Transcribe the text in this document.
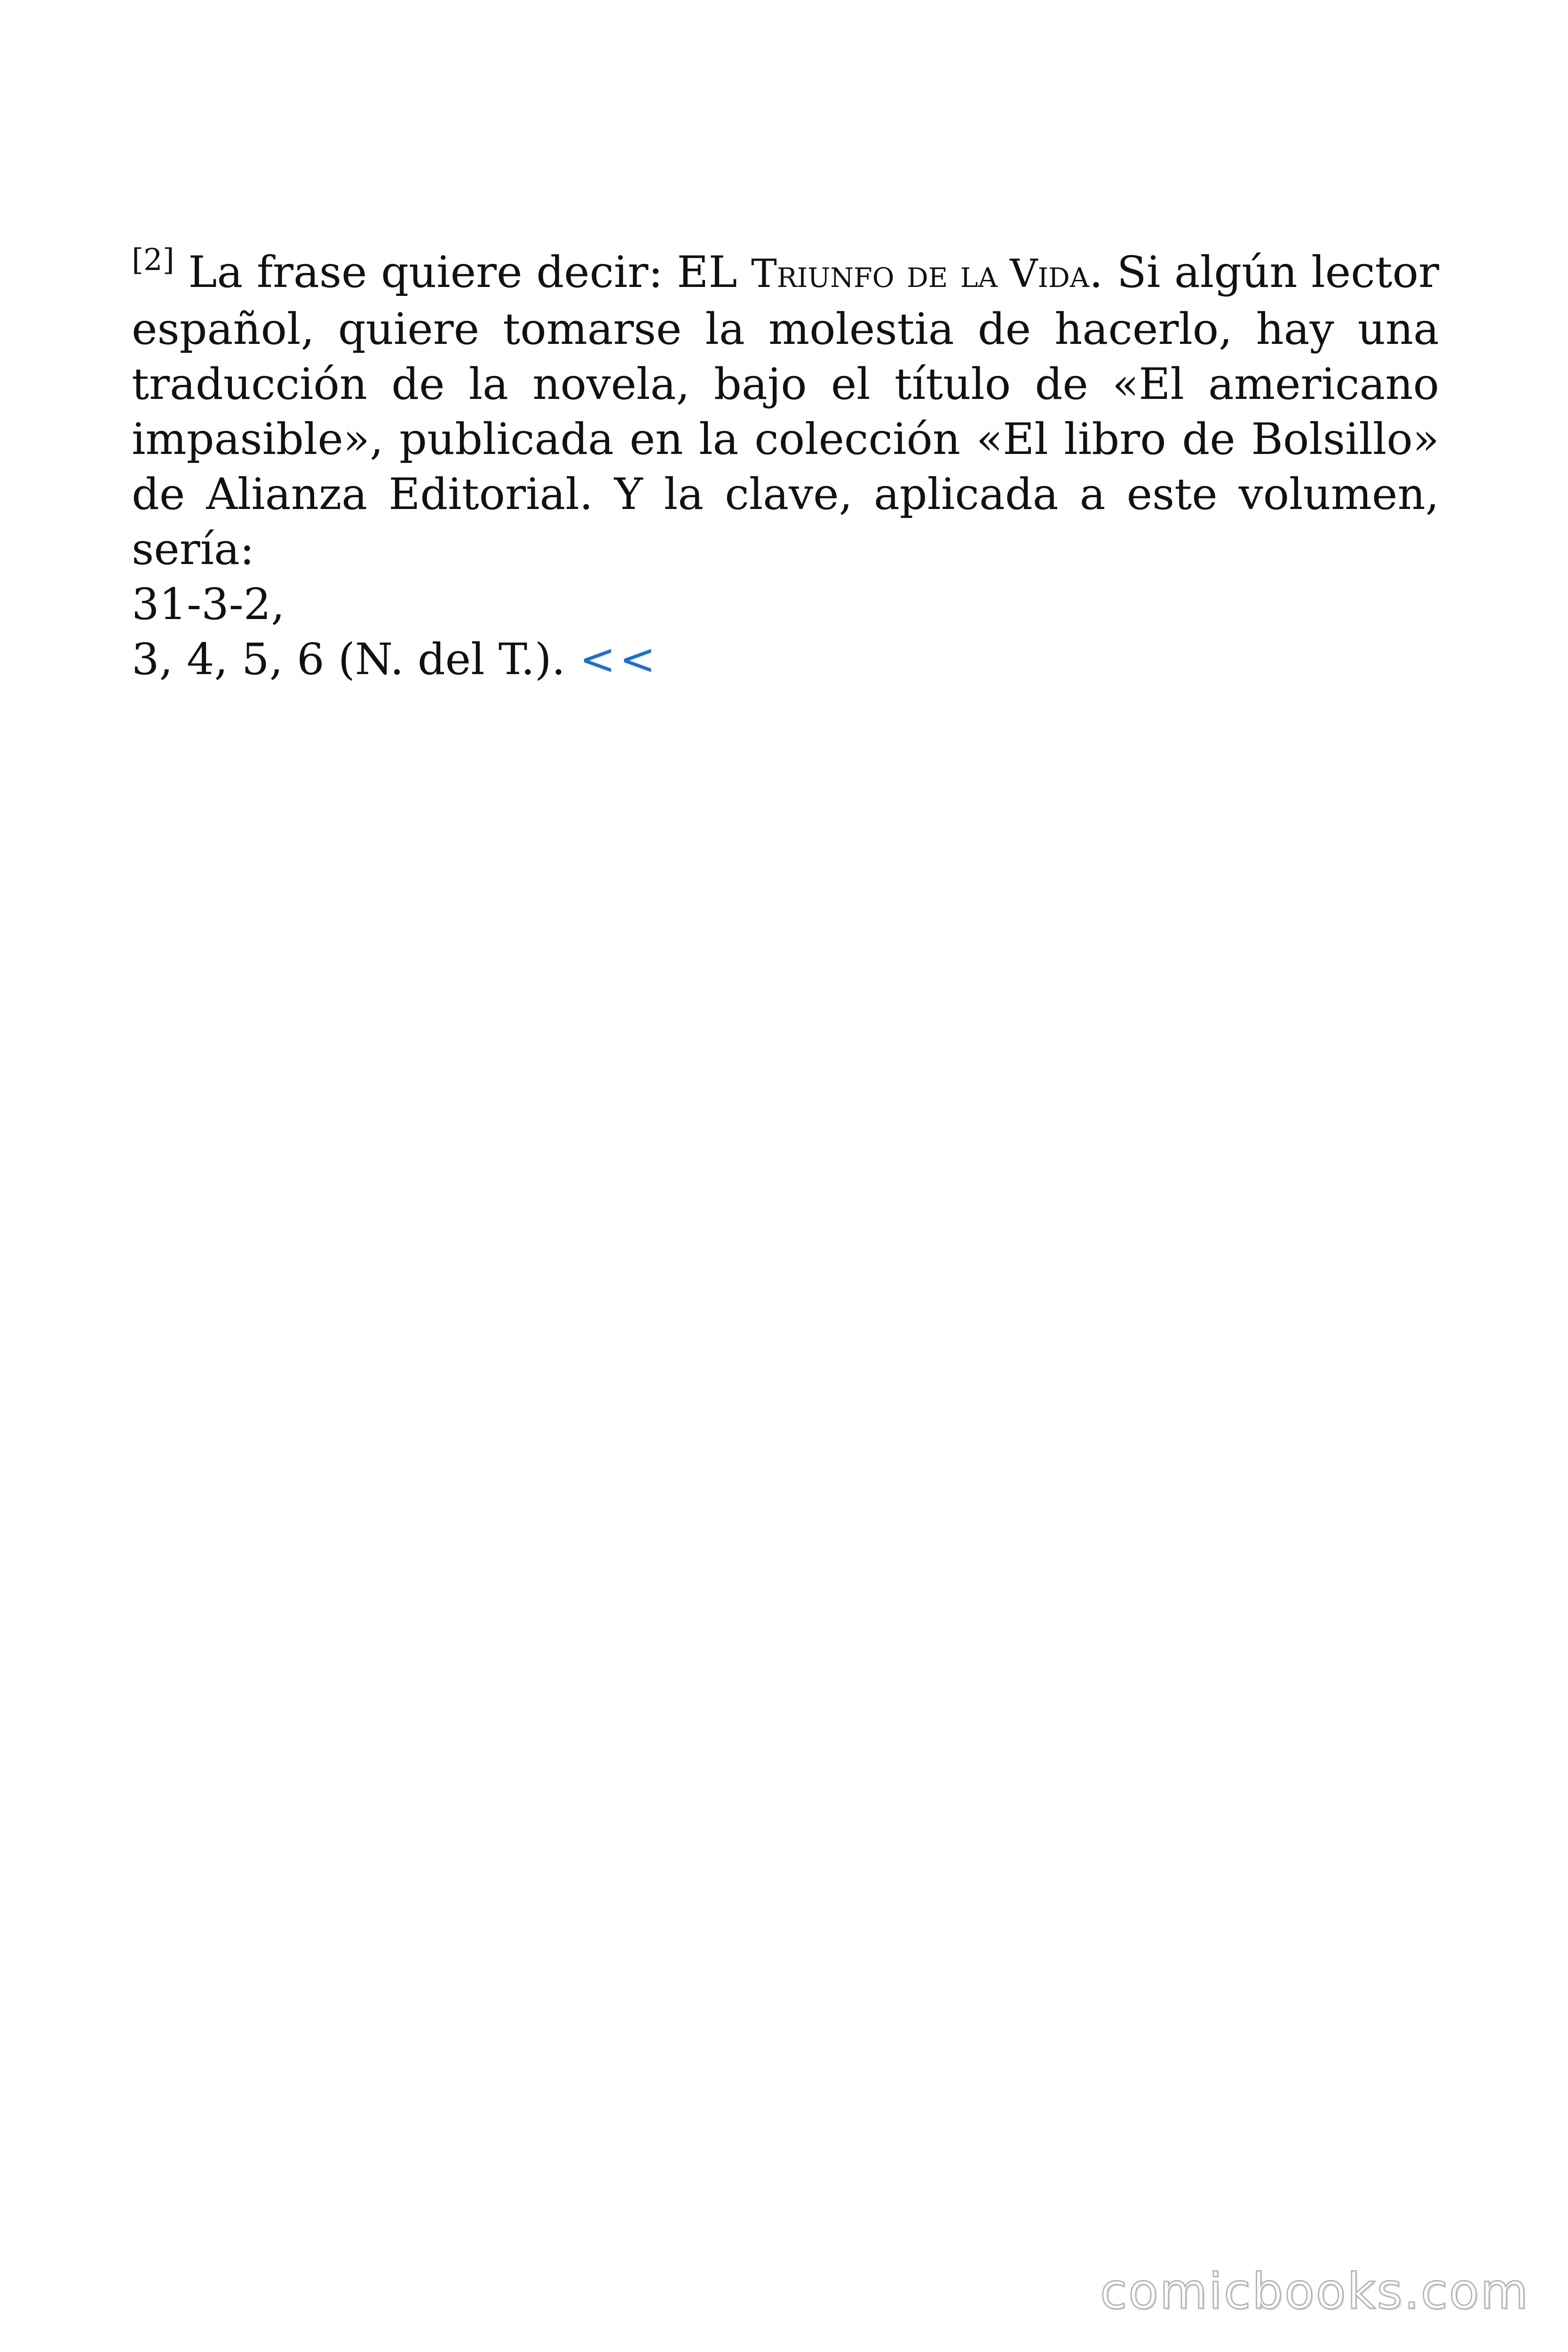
[2] La frase quiere decir: EL Triunfo de la Vida. Si algún lector español, quiere tomarse la molestia de hacerlo, hay una traducción de la novela, bajo el título de «El americano impasible», publicada en la colección «El libro de Bolsillo» de Alianza Editorial. Y la clave, aplicada a este volumen, sería:

31-3-2,
3, 4, 5, 6 (N. del T.). <<
comicbooks.com
